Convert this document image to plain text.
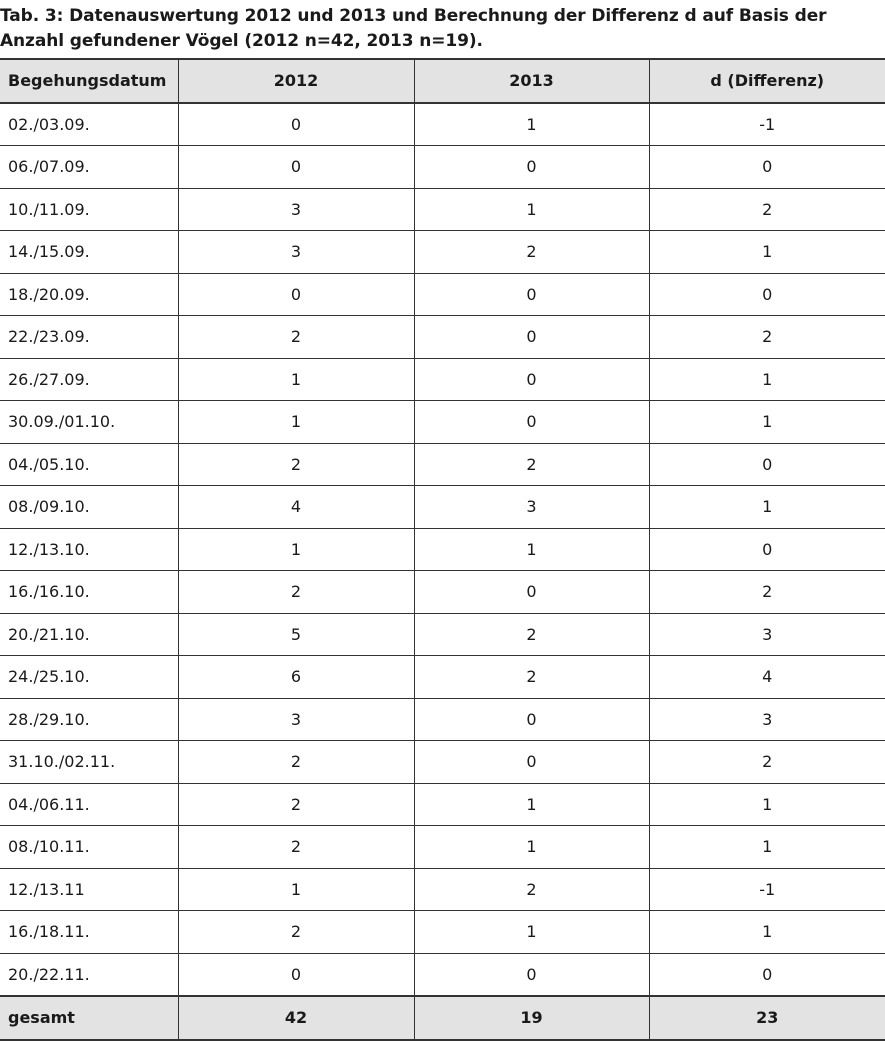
Tab. 3: Datenauswertung 2012 und 2013 und Berechnung der Differenz d auf Basis der Anzahl gefundener Vögel (2012 n=42, 2013 n=19).
Begehungsdatum	2012	2013	d (Differenz)
02./03.09.	0	1	-1
06./07.09.	0	0	0
10./11.09.	3	1	2
14./15.09.	3	2	1
18./20.09.	0	0	0
22./23.09.	2	0	2
26./27.09.	1	0	1
30.09./01.10.	1	0	1
04./05.10.	2	2	0
08./09.10.	4	3	1
12./13.10.	1	1	0
16./16.10.	2	0	2
20./21.10.	5	2	3
24./25.10.	6	2	4
28./29.10.	3	0	3
31.10./02.11.	2	0	2
04./06.11.	2	1	1
08./10.11.	2	1	1
12./13.11	1	2	-1
16./18.11.	2	1	1
20./22.11.	0	0	0
gesamt	42	19	23
